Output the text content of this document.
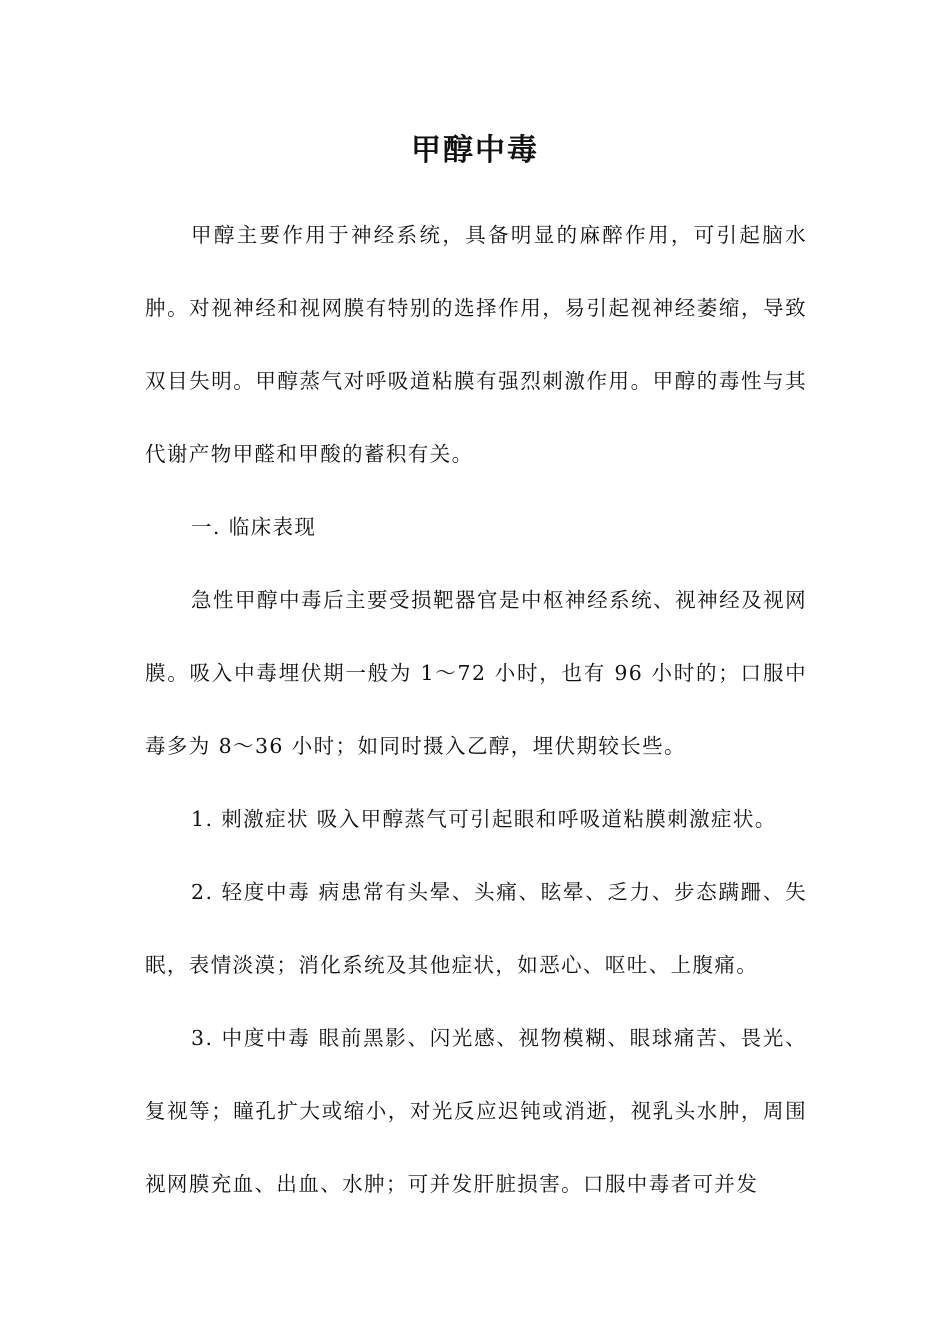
甲醇中毒

甲醇主要作用于神经系统，具备明显的麻醉作用，可引起脑水肿。对视神经和视网膜有特别的选择作用，易引起视神经萎缩，导致双目失明。甲醇蒸气对呼吸道粘膜有强烈刺激作用。甲醇的毒性与其代谢产物甲醛和甲酸的蓄积有关。

一. 临床表现

急性甲醇中毒后主要受损靶器官是中枢神经系统、视神经及视网膜。吸入中毒埋伏期一般为 1～72 小时，也有 96 小时的；口服中毒多为 8～36 小时；如同时摄入乙醇，埋伏期较长些。

1. 刺激症状 吸入甲醇蒸气可引起眼和呼吸道粘膜刺激症状。

2. 轻度中毒 病患常有头晕、头痛、眩晕、乏力、步态蹒跚、失眠，表情淡漠；消化系统及其他症状，如恶心、呕吐、上腹痛。

3. 中度中毒 眼前黑影、闪光感、视物模糊、眼球痛苦、畏光、复视等；瞳孔扩大或缩小，对光反应迟钝或消逝，视乳头水肿，周围视网膜充血、出血、水肿；可并发肝脏损害。口服中毒者可并发
